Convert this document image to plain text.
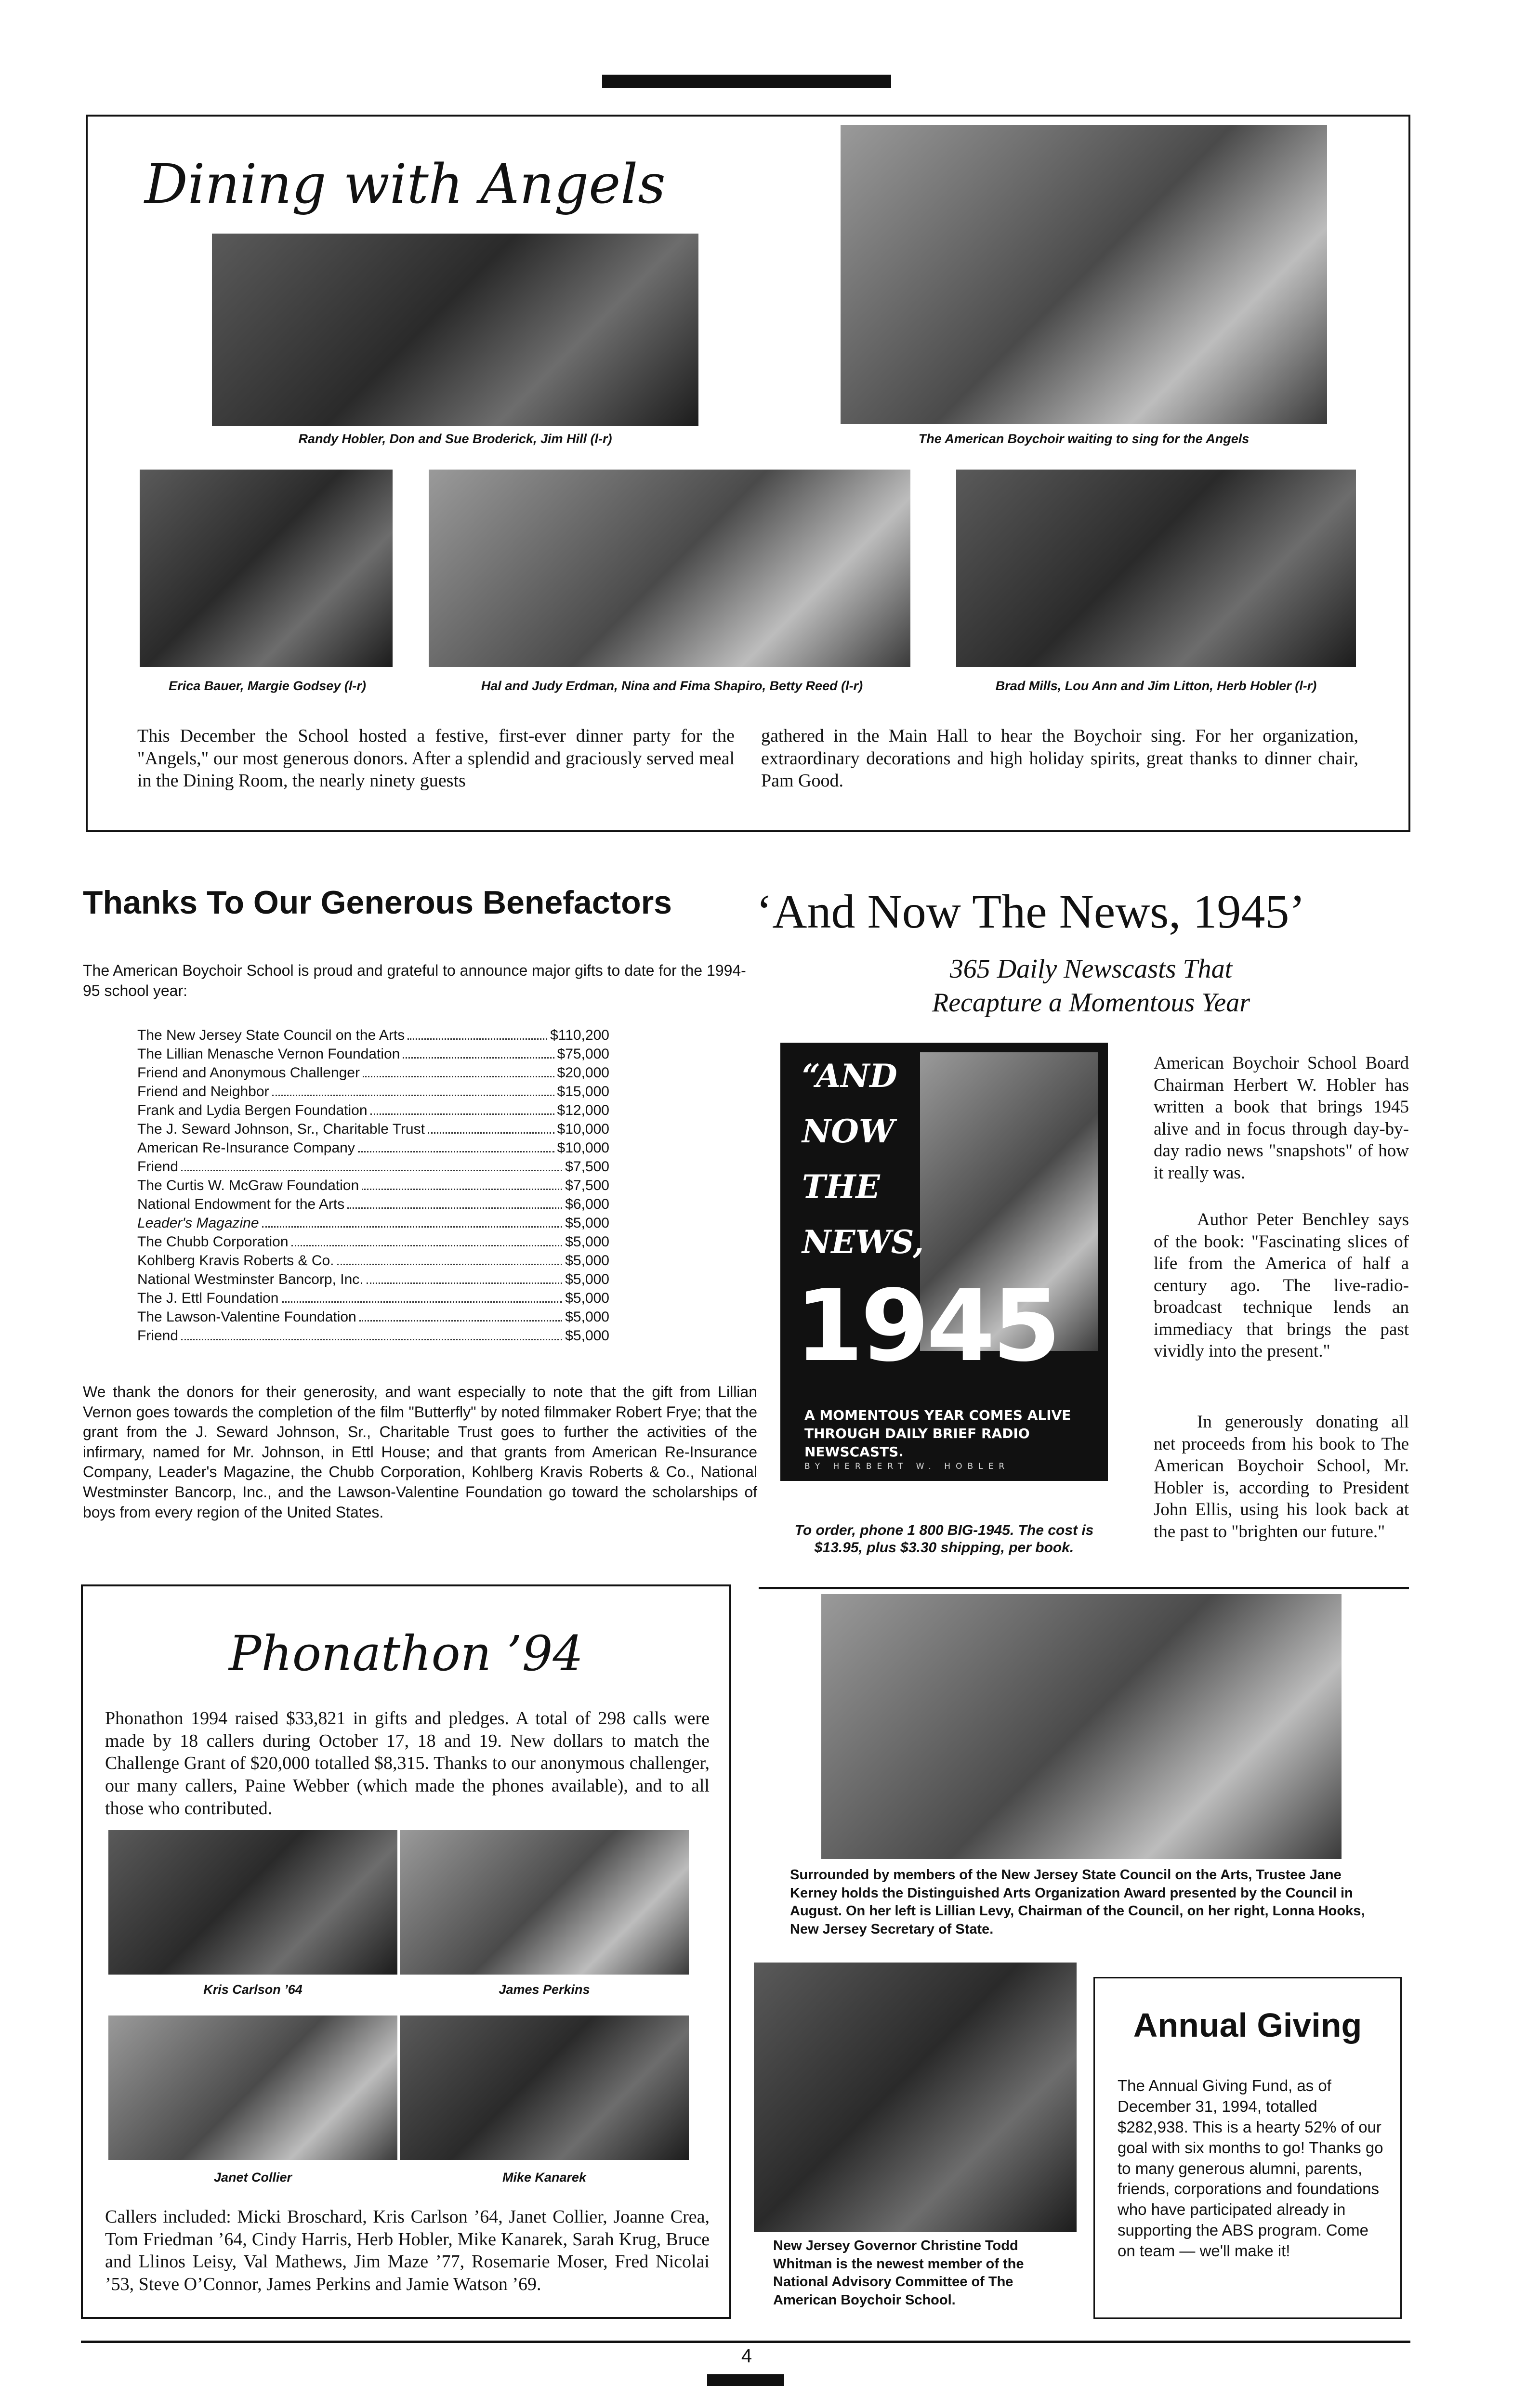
Dining with Angels
Randy Hobler, Don and Sue Broderick, Jim Hill (l-r)	The American Boychoir waiting to sing for the Angels
Erica Bauer, Margie Godsey (l-r)	Hal and Judy Erdman, Nina and Fima Shapiro, Betty Reed (l-r)	Brad Mills, Lou Ann and Jim Litton, Herb Hobler (l-r)
This December the School hosted a festive, first-ever dinner party for the "Angels," our most generous donors. After a splendid and graciously served meal in the Dining Room, the nearly ninety guests
gathered in the Main Hall to hear the Boychoir sing. For her organization, extraordinary decorations and high holiday spirits, great thanks to dinner chair, Pam Good.
Thanks To Our Generous Benefactors
The American Boychoir School is proud and grateful to announce major gifts to date for the 1994-95 school year:
The New Jersey State Council on the Arts	$110,200
The Lillian Menasche Vernon Foundation	$75,000
Friend and Anonymous Challenger	$20,000
Friend and Neighbor	$15,000
Frank and Lydia Bergen Foundation	$12,000
The J. Seward Johnson, Sr., Charitable Trust	$10,000
American Re-Insurance Company	$10,000
Friend	$7,500
The Curtis W. McGraw Foundation	$7,500
National Endowment for the Arts	$6,000
Leader's Magazine	$5,000
The Chubb Corporation	$5,000
Kohlberg Kravis Roberts & Co.	$5,000
National Westminster Bancorp, Inc.	$5,000
The J. Ettl Foundation	$5,000
The Lawson-Valentine Foundation	$5,000
Friend	$5,000
We thank the donors for their generosity, and want especially to note that the gift from Lillian Vernon goes towards the completion of the film "Butterfly" by noted filmmaker Robert Frye; that the grant from the J. Seward Johnson, Sr., Charitable Trust goes to further the activities of the infirmary, named for Mr. Johnson, in Ettl House; and that grants from American Re-Insurance Company, Leader's Magazine, the Chubb Corporation, Kohlberg Kravis Roberts & Co., National Westminster Bancorp, Inc., and the Lawson-Valentine Foundation go toward the scholarships of boys from every region of the United States.
‘And Now The News, 1945’
365 Daily Newscasts That
Recapture a Momentous Year
“AND
NOW
THE
NEWS,
1945
A MOMENTOUS YEAR COMES ALIVE THROUGH DAILY BRIEF RADIO NEWSCASTS.
BY HERBERT W. HOBLER
To order, phone 1 800 BIG-1945. The cost is $13.95, plus $3.30 shipping, per book.
American Boychoir School Board Chairman Herbert W. Hobler has written a book that brings 1945 alive and in focus through day-by-day radio news "snapshots" of how it really was.
Author Peter Benchley says of the book: "Fascinating slices of life from the America of half a century ago. The live-radio-broadcast technique lends an immediacy that brings the past vividly into the present."
In generously donating all net proceeds from his book to The American Boychoir School, Mr. Hobler is, according to President John Ellis, using his look back at the past to "brighten our future."
Phonathon ’94
Phonathon 1994 raised $33,821 in gifts and pledges. A total of 298 calls were made by 18 callers during October 17, 18 and 19. New dollars to match the Challenge Grant of $20,000 totalled $8,315. Thanks to our anonymous challenger, our many callers, Paine Webber (which made the phones available), and to all those who contributed.
Kris Carlson ’64	James Perkins
Janet Collier	Mike Kanarek
Callers included: Micki Broschard, Kris Carlson ’64, Janet Collier, Joanne Crea, Tom Friedman ’64, Cindy Harris, Herb Hobler, Mike Kanarek, Sarah Krug, Bruce and Llinos Leisy, Val Mathews, Jim Maze ’77, Rosemarie Moser, Fred Nicolai ’53, Steve O’Connor, James Perkins and Jamie Watson ’69.
Surrounded by members of the New Jersey State Council on the Arts, Trustee Jane Kerney holds the Distinguished Arts Organization Award presented by the Council in August. On her left is Lillian Levy, Chairman of the Council, on her right, Lonna Hooks, New Jersey Secretary of State.
New Jersey Governor Christine Todd Whitman is the newest member of the National Advisory Committee of The American Boychoir School.
Annual Giving
The Annual Giving Fund, as of December 31, 1994, totalled $282,938. This is a hearty 52% of our goal with six months to go! Thanks go to many generous alumni, parents, friends, corporations and foundations who have participated already in supporting the ABS program. Come on team — we'll make it!
4
